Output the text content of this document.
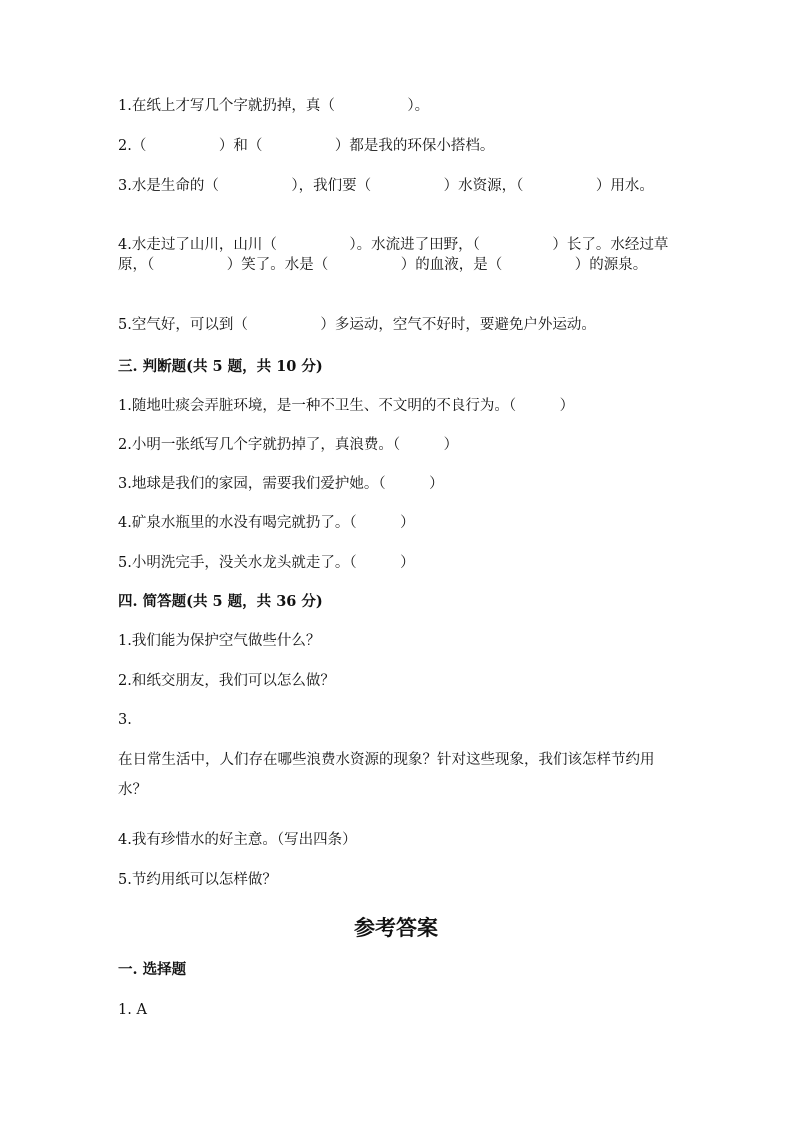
1.在纸上才写几个字就扔掉，真（　　　　　）。

2.（　　　　　）和（　　　　　）都是我的环保小搭档。

3.水是生命的（　　　　　），我们要（　　　　　）水资源，（　　　　　）用水。

4.水走过了山川，山川（　　　　　）。水流进了田野，（　　　　　）长了。水经过草原，（　　　　　）笑了。水是（　　　　　）的血液，是（　　　　　）的源泉。

5.空气好，可以到（　　　　　）多运动，空气不好时，要避免户外运动。

三. 判断题(共 5 题，共 10 分)

1.随地吐痰会弄脏环境，是一种不卫生、不文明的不良行为。（　　　）

2.小明一张纸写几个字就扔掉了，真浪费。（　　　）

3.地球是我们的家园，需要我们爱护她。（　　　）

4.矿泉水瓶里的水没有喝完就扔了。（　　　）

5.小明洗完手，没关水龙头就走了。（　　　）

四. 简答题(共 5 题，共 36 分)

1.我们能为保护空气做些什么？

2.和纸交朋友，我们可以怎么做？

3.

在日常生活中，人们存在哪些浪费水资源的现象？针对这些现象，我们该怎样节约用水？

4.我有珍惜水的好主意。（写出四条）

5.节约用纸可以怎样做？

参考答案

一. 选择题

1. A
